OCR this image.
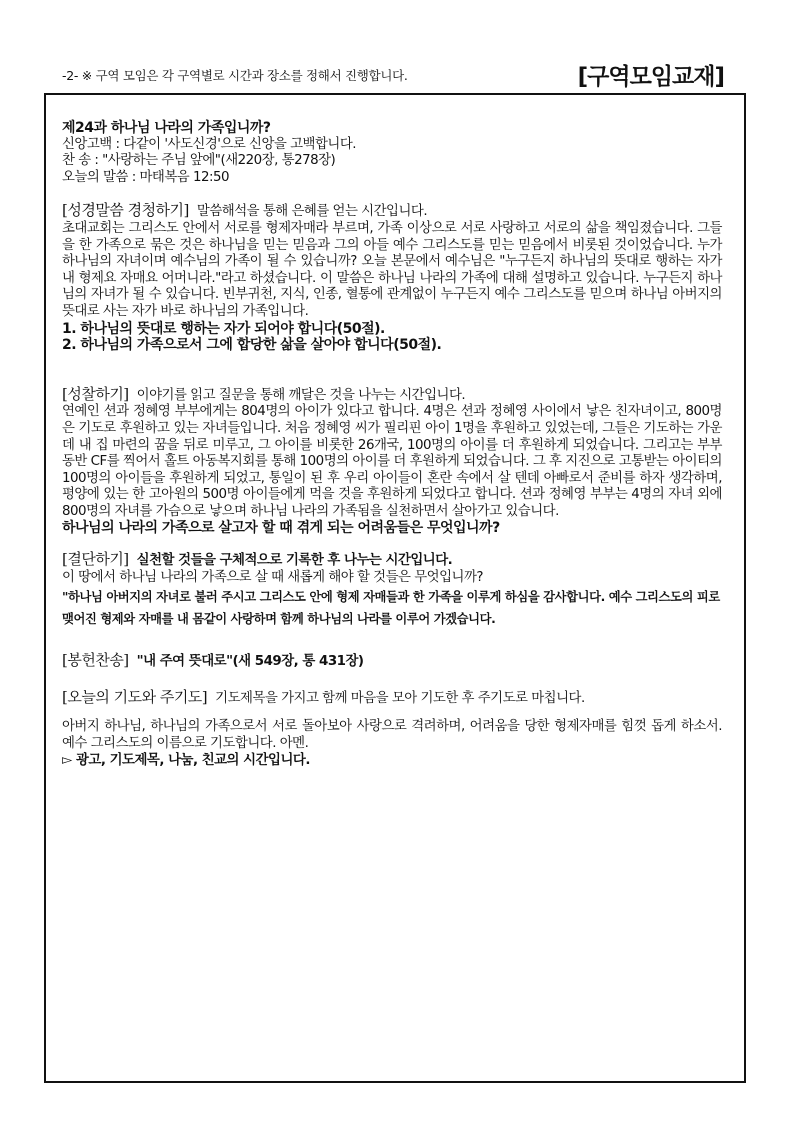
-2- ※ 구역 모임은 각 구역별로 시간과 장소를 정해서 진행합니다.	[구역모임교재]

제24과 하나님 나라의 가족입니까?

신앙고백 : 다같이 '사도신경'으로 신앙을 고백합니다.

찬 송 : "사랑하는 주님 앞에"(새220장, 통278장)

오늘의 말씀 : 마태복음 12:50

[성경말씀 경청하기] 말씀해석을 통해 은혜를 얻는 시간입니다.

초대교회는 그리스도 안에서 서로를 형제자매라 부르며, 가족 이상으로 서로 사랑하고 서로의 삶을 책임졌습니다. 그들을 한 가족으로 묶은 것은 하나님을 믿는 믿음과 그의 아들 예수 그리스도를 믿는 믿음에서 비롯된 것이었습니다. 누가 하나님의 자녀이며 예수님의 가족이 될 수 있습니까? 오늘 본문에서 예수님은 "누구든지 하나님의 뜻대로 행하는 자가 내 형제요 자매요 어머니라."라고 하셨습니다. 이 말씀은 하나님 나라의 가족에 대해 설명하고 있습니다. 누구든지 하나님의 자녀가 될 수 있습니다. 빈부귀천, 지식, 인종, 혈통에 관계없이 누구든지 예수 그리스도를 믿으며 하나님 아버지의 뜻대로 사는 자가 바로 하나님의 가족입니다.

1. 하나님의 뜻대로 행하는 자가 되어야 합니다(50절).

2. 하나님의 가족으로서 그에 합당한 삶을 살아야 합니다(50절).

[성찰하기] 이야기를 읽고 질문을 통해 깨달은 것을 나누는 시간입니다.

연예인 션과 정혜영 부부에게는 804명의 아이가 있다고 합니다. 4명은 션과 정혜영 사이에서 낳은 친자녀이고, 800명은 기도로 후원하고 있는 자녀들입니다. 처음 정혜영 씨가 필리핀 아이 1명을 후원하고 있었는데, 그들은 기도하는 가운데 내 집 마련의 꿈을 뒤로 미루고, 그 아이를 비롯한 26개국, 100명의 아이를 더 후원하게 되었습니다. 그리고는 부부동반 CF를 찍어서 홀트 아동복지회를 통해 100명의 아이를 더 후원하게 되었습니다. 그 후 지진으로 고통받는 아이티의 100명의 아이들을 후원하게 되었고, 통일이 된 후 우리 아이들이 혼란 속에서 살 텐데 아빠로서 준비를 하자 생각하며, 평양에 있는 한 고아원의 500명 아이들에게 먹을 것을 후원하게 되었다고 합니다. 션과 정혜영 부부는 4명의 자녀 외에 800명의 자녀를 가슴으로 낳으며 하나님 나라의 가족됨을 실천하면서 살아가고 있습니다.

하나님의 나라의 가족으로 살고자 할 때 겪게 되는 어려움들은 무엇입니까?

[결단하기] 실천할 것들을 구체적으로 기록한 후 나누는 시간입니다.

이 땅에서 하나님 나라의 가족으로 살 때 새롭게 해야 할 것들은 무엇입니까?

"하나님 아버지의 자녀로 불러 주시고 그리스도 안에 형제 자매들과 한 가족을 이루게 하심을 감사합니다. 예수 그리스도의 피로 맺어진 형제와 자매를 내 몸같이 사랑하며 함께 하나님의 나라를 이루어 가겠습니다.

[봉헌찬송] "내 주여 뜻대로"(새 549장, 통 431장)
[오늘의 기도와 주기도] 기도제목을 가지고 함께 마음을 모아 기도한 후 주기도로 마칩니다.

아버지 하나님, 하나님의 가족으로서 서로 돌아보아 사랑으로 격려하며, 어려움을 당한 형제자매를 힘껏 돕게 하소서. 예수 그리스도의 이름으로 기도합니다. 아멘.

▻ 광고, 기도제목, 나눔, 친교의 시간입니다.
